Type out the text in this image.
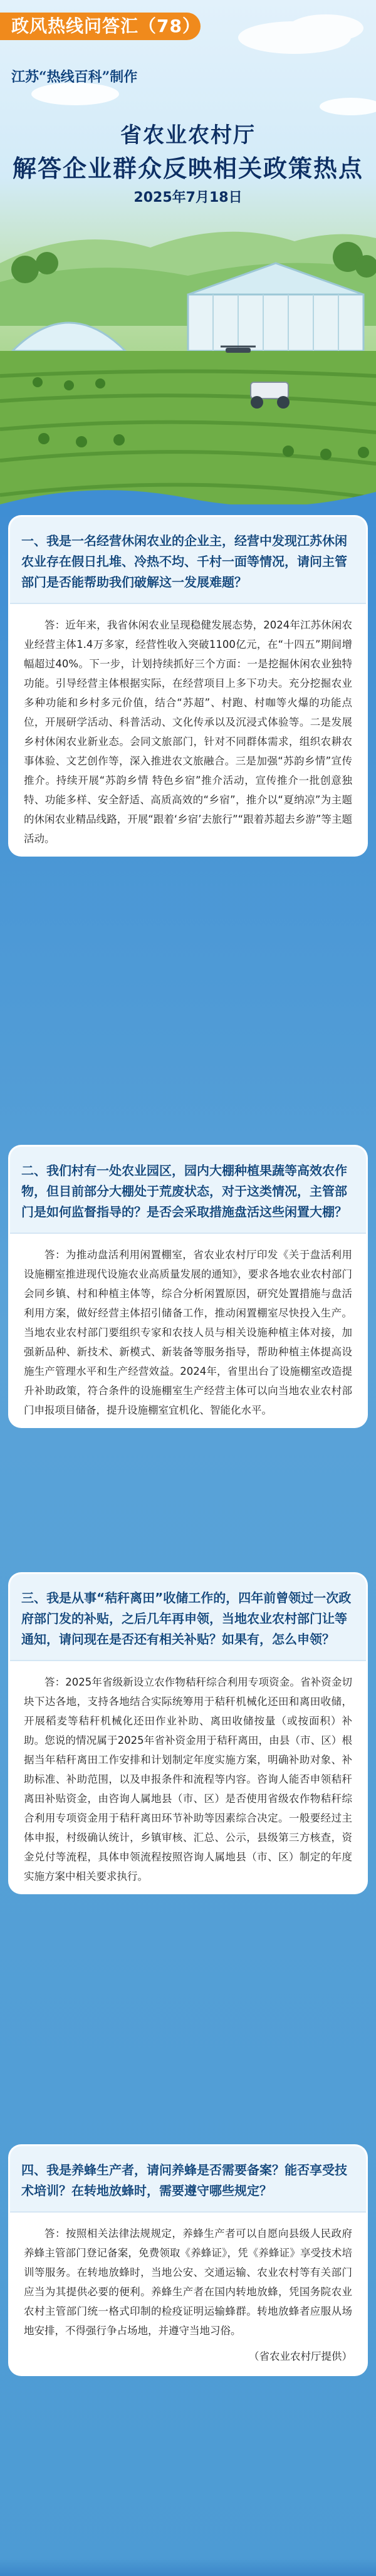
政风热线问答汇（78）
江苏“热线百科”制作
省农业农村厅
解答企业群众反映相关政策热点
2025年7月18日
一、我是一名经营休闲农业的企业主，经营中发现江苏休闲农业存在假日扎堆、冷热不均、千村一面等情况，请问主管部门是否能帮助我们破解这一发展难题？
答：近年来，我省休闲农业呈现稳健发展态势，2024年江苏休闲农业经营主体1.4万多家，经营性收入突破1100亿元，在“十四五”期间增幅超过40%。下一步，计划持续抓好三个方面：一是挖掘休闲农业独特功能。引导经营主体根据实际，在经营项目上多下功夫。充分挖掘农业多种功能和乡村多元价值，结合“苏超”、村跑、村咖等火爆的功能点位，开展研学活动、科普活动、文化传承以及沉浸式体验等。二是发展乡村休闲农业新业态。会同文旅部门，针对不同群体需求，组织农耕农事体验、文艺创作等，深入推进农文旅融合。三是加强“苏韵乡情”宣传推介。持续开展“苏韵乡情 特色乡宿”推介活动，宣传推介一批创意独特、功能多样、安全舒适、高质高效的“乡宿”，推介以“夏纳凉”为主题的休闲农业精品线路，开展“跟着‘乡宿’去旅行”“跟着苏超去乡游”等主题活动。
二、我们村有一处农业园区，园内大棚种植果蔬等高效农作物，但目前部分大棚处于荒废状态，对于这类情况，主管部门是如何监督指导的？是否会采取措施盘活这些闲置大棚？
答：为推动盘活利用闲置棚室，省农业农村厅印发《关于盘活利用设施棚室推进现代设施农业高质量发展的通知》，要求各地农业农村部门会同乡镇、村和种植主体等，综合分析闲置原因，研究处置措施与盘活利用方案，做好经营主体招引储备工作，推动闲置棚室尽快投入生产。当地农业农村部门要组织专家和农技人员与相关设施种植主体对接，加强新品种、新技术、新模式、新装备等服务指导，帮助种植主体提高设施生产管理水平和生产经营效益。2024年，省里出台了设施棚室改造提升补助政策，符合条件的设施棚室生产经营主体可以向当地农业农村部门申报项目储备，提升设施棚室宜机化、智能化水平。
三、我是从事“秸秆离田”收储工作的，四年前曾领过一次政府部门发的补贴，之后几年再申领，当地农业农村部门让等通知，请问现在是否还有相关补贴？如果有，怎么申领？
答：2025年省级新设立农作物秸秆综合利用专项资金。省补资金切块下达各地，支持各地结合实际统筹用于秸秆机械化还田和离田收储，开展稻麦等秸秆机械化还田作业补助、离田收储按量（或按面积）补助。您说的情况属于2025年省补资金用于秸秆离田，由县（市、区）根据当年秸秆离田工作安排和计划制定年度实施方案，明确补助对象、补助标准、补助范围，以及申报条件和流程等内容。咨询人能否申领秸秆离田补贴资金，由咨询人属地县（市、区）是否使用省级农作物秸秆综合利用专项资金用于秸秆离田环节补助等因素综合决定。一般要经过主体申报，村级确认统计，乡镇审核、汇总、公示，县级第三方核查，资金兑付等流程，具体申领流程按照咨询人属地县（市、区）制定的年度实施方案中相关要求执行。
四、我是养蜂生产者，请问养蜂是否需要备案？能否享受技术培训？在转地放蜂时，需要遵守哪些规定？
答：按照相关法律法规规定，养蜂生产者可以自愿向县级人民政府养蜂主管部门登记备案，免费领取《养蜂证》，凭《养蜂证》享受技术培训等服务。在转地放蜂时，当地公安、交通运输、农业农村等有关部门应当为其提供必要的便利。养蜂生产者在国内转地放蜂，凭国务院农业农村主管部门统一格式印制的检疫证明运输蜂群。转地放蜂者应服从场地安排，不得强行争占场地，并遵守当地习俗。
（省农业农村厅提供）
